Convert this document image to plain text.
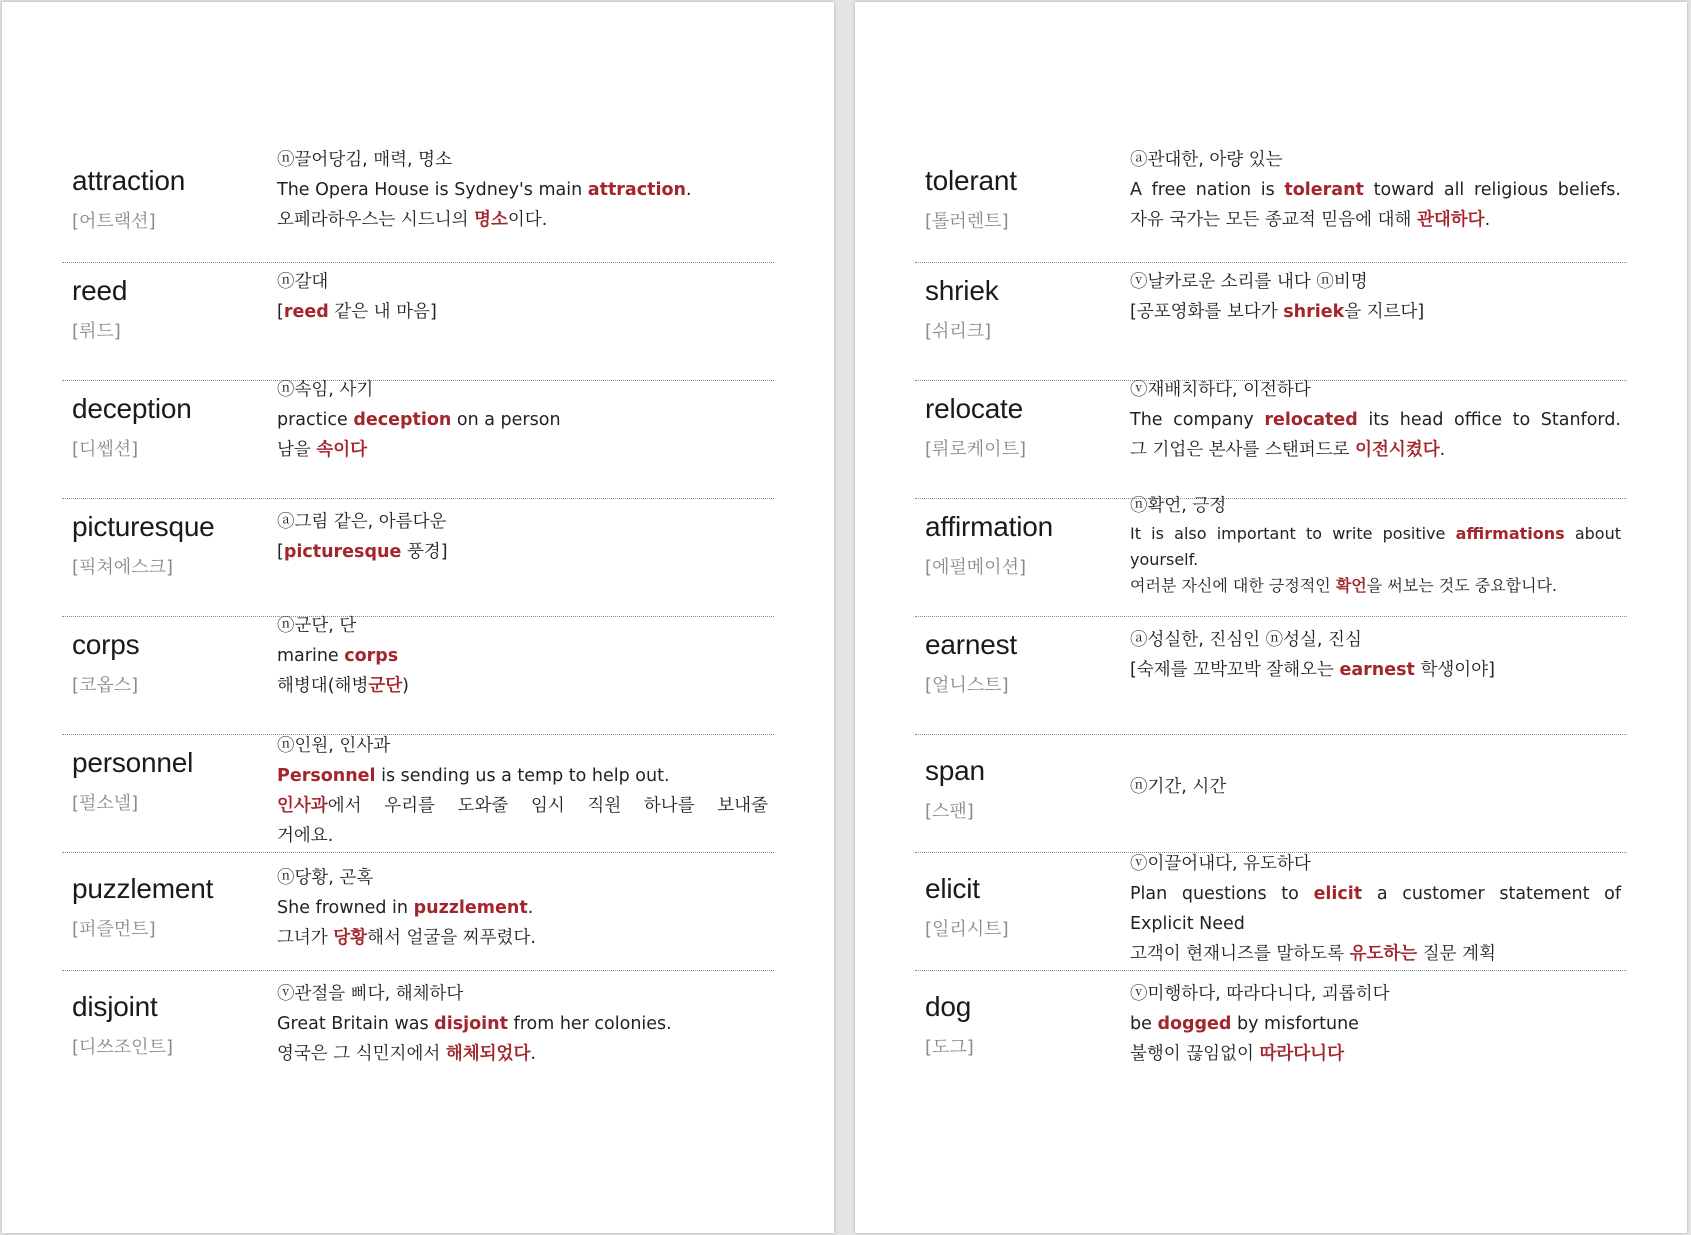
attraction
[어트랙션]
ⓝ끌어당김, 매력, 명소
The Opera House is Sydney's main attraction.
오페라하우스는 시드니의 명소이다.
reed
[뤼드]
ⓝ갈대
[reed 같은 내 마음]
deception
[디쎕션]
ⓝ속임, 사기
practice deception on a person
남을 속이다
picturesque
[픽쳐에스크]
ⓐ그림 같은, 아름다운
[picturesque 풍경]
corps
[코옵스]
ⓝ군단, 단
marine corps
해병대(해병군단)
personnel
[펄소넬]
ⓝ인원, 인사과
Personnel is sending us a temp to help out.
인사과에서 우리를 도와줄 임시 직원 하나를 보내줄
거에요.
puzzlement
[퍼즐먼트]
ⓝ당황, 곤혹
She frowned in puzzlement.
그녀가 당황해서 얼굴을 찌푸렸다.
disjoint
[디쓰조인트]
ⓥ관절을 삐다, 해체하다
Great Britain was disjoint from her colonies.
영국은 그 식민지에서 해체되었다.
tolerant
[톨러렌트]
ⓐ관대한, 아량 있는
A free nation is tolerant toward all religious beliefs.
자유 국가는 모든 종교적 믿음에 대해 관대하다.
shriek
[쉬리크]
ⓥ날카로운 소리를 내다 ⓝ비명
[공포영화를 보다가 shriek을 지르다]
relocate
[뤼로케이트]
ⓥ재배치하다, 이전하다
The company relocated its head office to Stanford.
그 기업은 본사를 스탠퍼드로 이전시켰다.
affirmation
[에펄메이션]
ⓝ확언, 긍정
It is also important to write positive affirmations about
yourself.
여러분 자신에 대한 긍정적인 확언을 써보는 것도 중요합니다.
earnest
[얼니스트]
ⓐ성실한, 진심인 ⓝ성실, 진심
[숙제를 꼬박꼬박 잘해오는 earnest 학생이야]
span
[스팬]
ⓝ기간, 시간
elicit
[일리시트]
ⓥ이끌어내다, 유도하다
Plan questions to elicit a customer statement of
Explicit Need
고객이 현재니즈를 말하도록 유도하는 질문 계획
dog
[도그]
ⓥ미행하다, 따라다니다, 괴롭히다
be dogged by misfortune
불행이 끊임없이 따라다니다
